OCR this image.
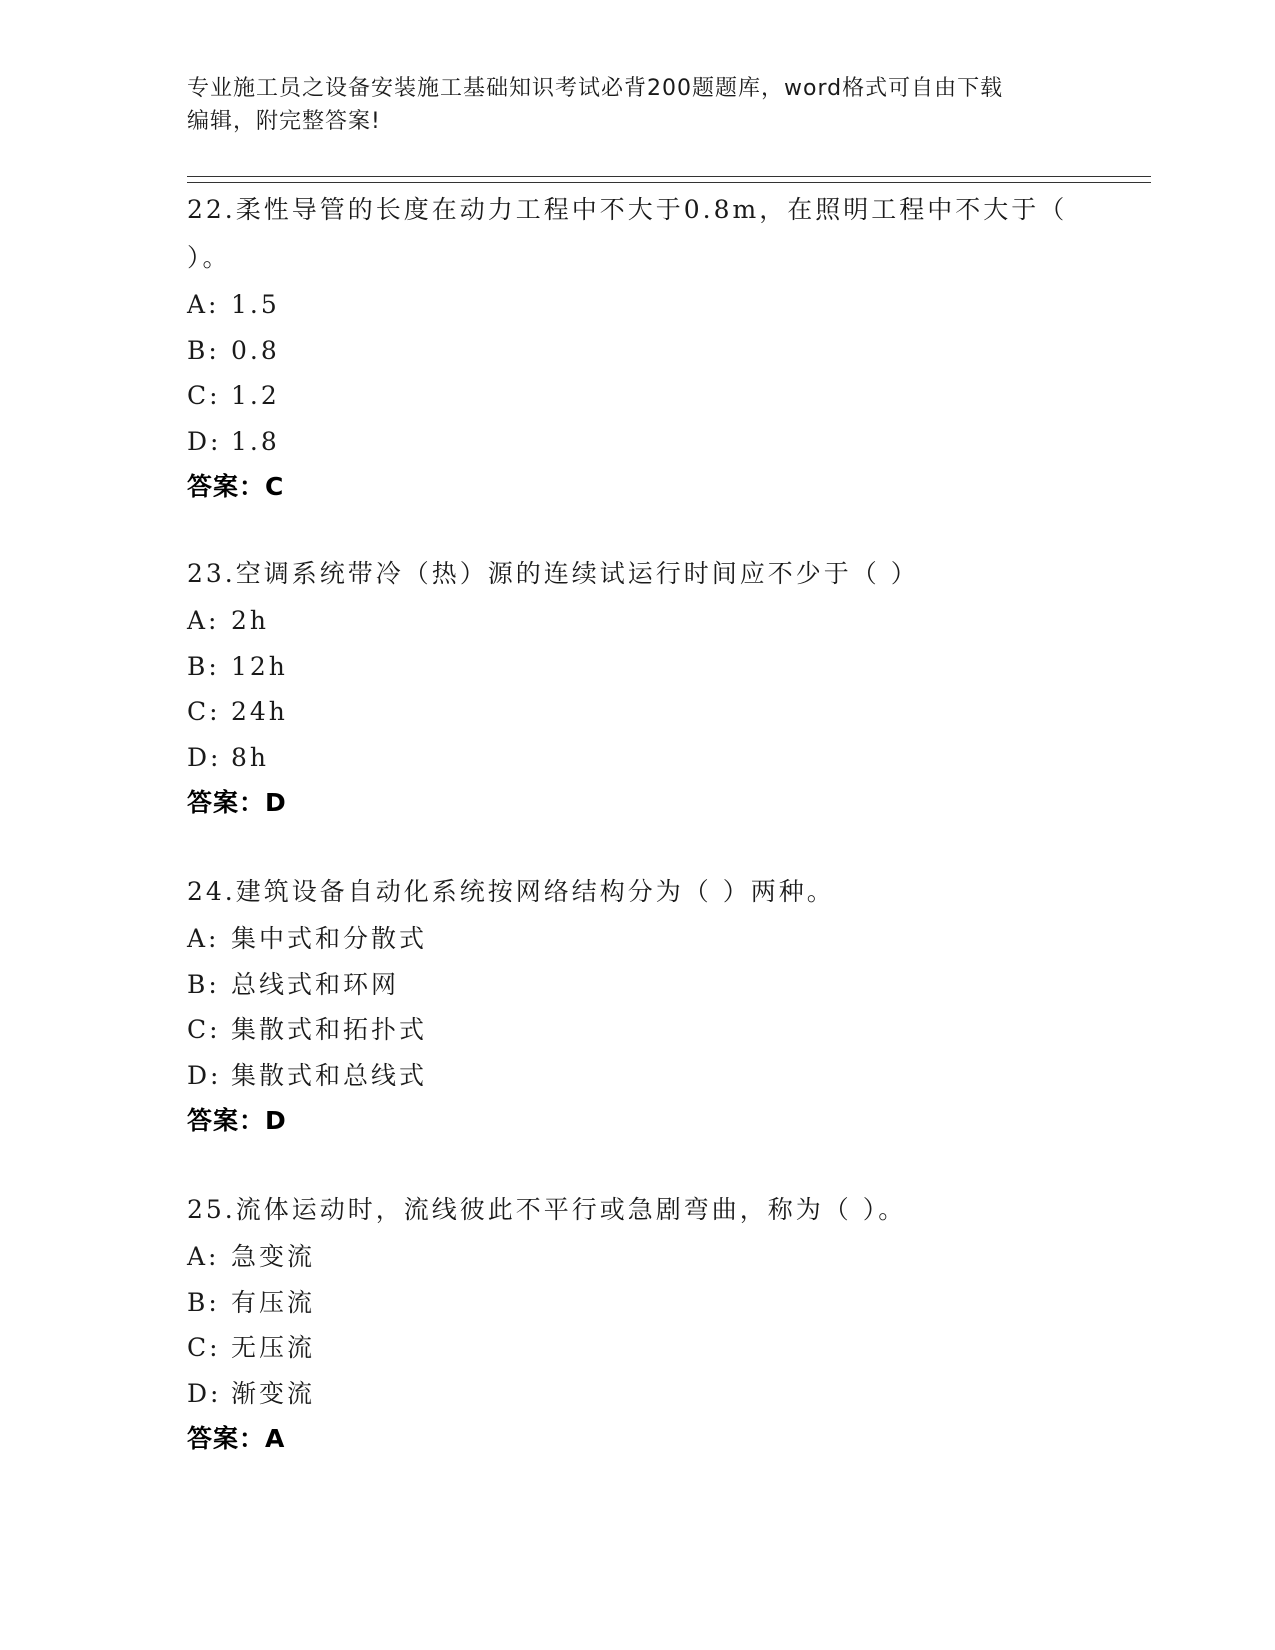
专业施工员之设备安装施工基础知识考试必背200题题库，word格式可自由下载
编辑，附完整答案!
22.柔性导管的长度在动力工程中不大于0.8m，在照明工程中不大于（
）。
A: 1.5
B: 0.8
C: 1.2
D: 1.8
答案：C
23.空调系统带冷（热）源的连续试运行时间应不少于（ ）
A: 2h
B: 12h
C: 24h
D: 8h
答案：D
24.建筑设备自动化系统按网络结构分为（ ）两种。
A: 集中式和分散式
B: 总线式和环网
C: 集散式和拓扑式
D: 集散式和总线式
答案：D
25.流体运动时，流线彼此不平行或急剧弯曲，称为（ ）。
A: 急变流
B: 有压流
C: 无压流
D: 渐变流
答案：A
